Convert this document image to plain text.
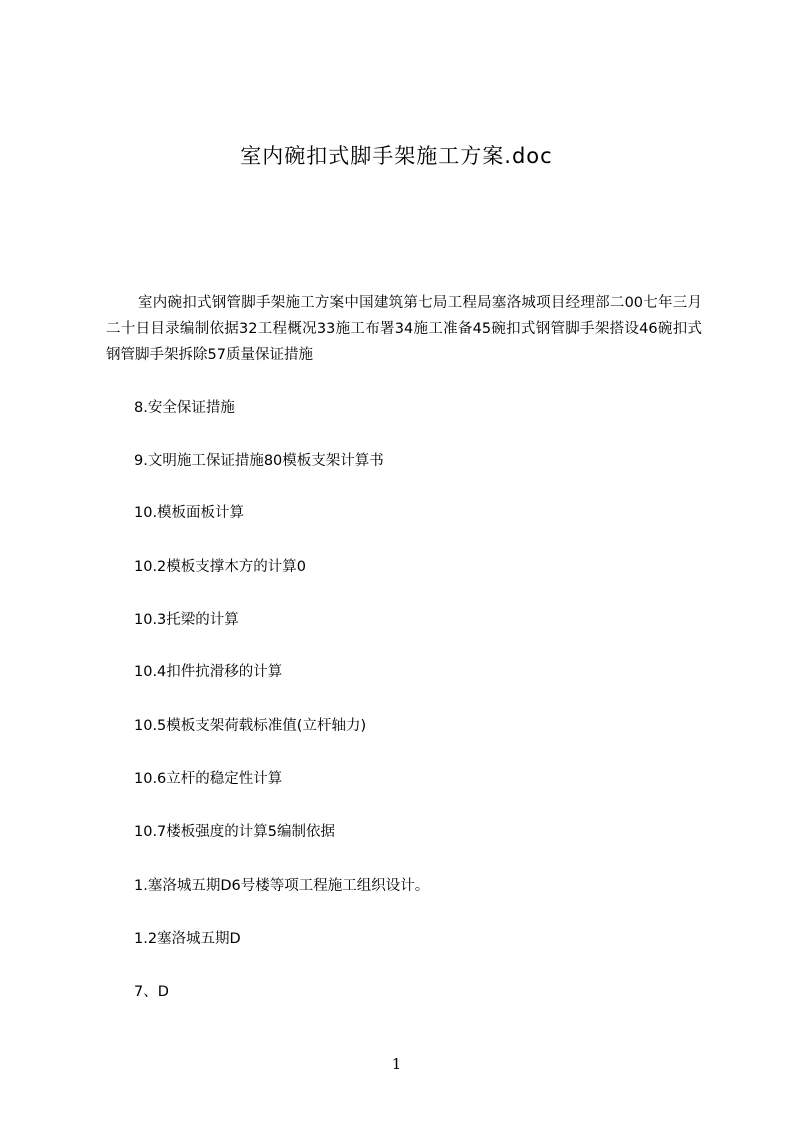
室内碗扣式脚手架施工方案.doc

室内碗扣式钢管脚手架施工方案中国建筑第七局工程局塞洛城项目经理部二00七年三月二十日目录编制依据32工程概况33施工布署34施工准备45碗扣式钢管脚手架搭设46碗扣式钢管脚手架拆除57质量保证措施

8.安全保证措施

9.文明施工保证措施80模板支架计算书

10.模板面板计算

10.2模板支撑木方的计算0

10.3托梁的计算

10.4扣件抗滑移的计算

10.5模板支架荷载标准值(立杆轴力)

10.6立杆的稳定性计算

10.7楼板强度的计算5编制依据

1.塞洛城五期D6号楼等项工程施工组织设计。

1.2塞洛城五期D

7、D

1
